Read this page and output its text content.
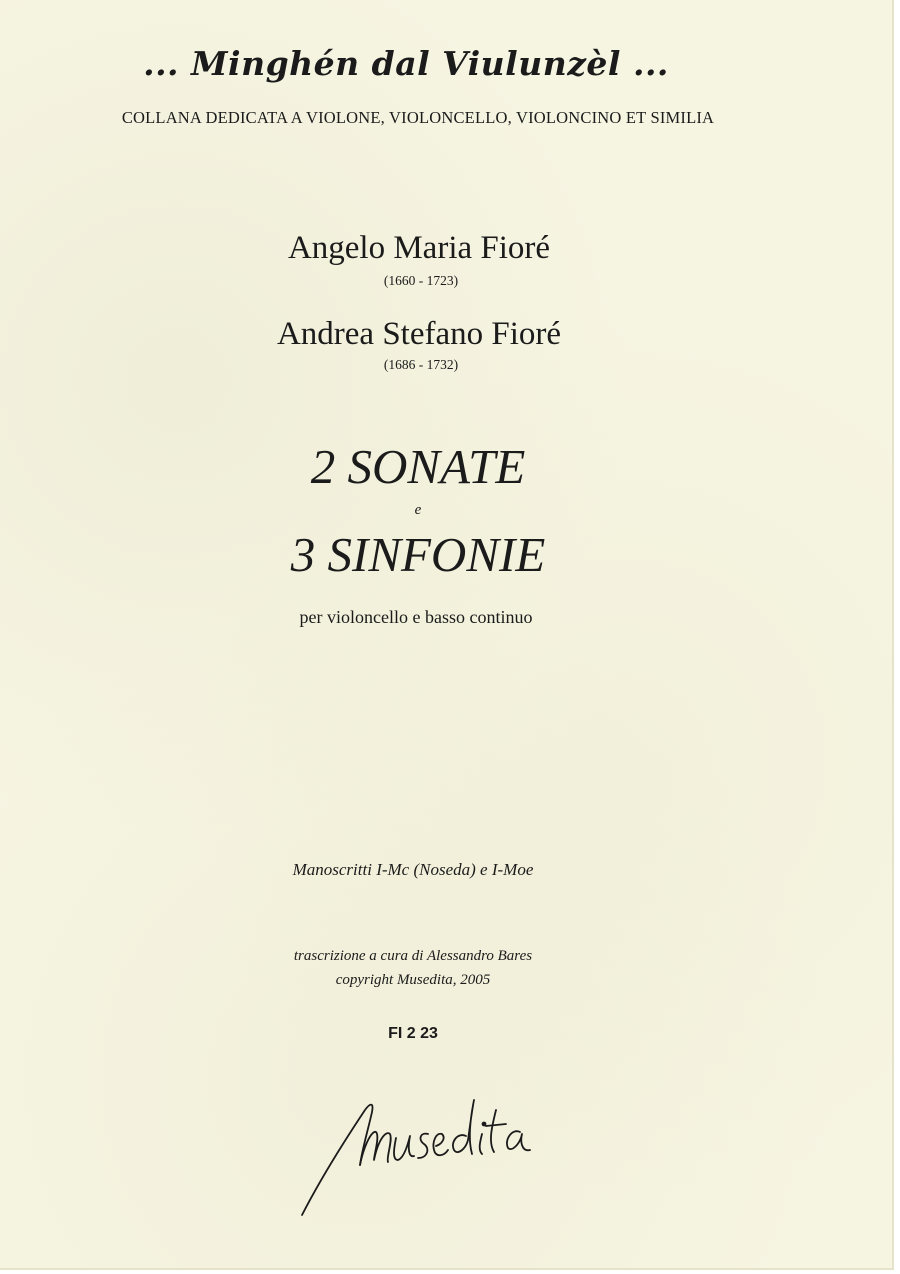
... Minghén dal Viulunzèl ...
COLLANA DEDICATA A VIOLONE, VIOLONCELLO, VIOLONCINO ET SIMILIA
Angelo Maria Fioré
(1660 - 1723)
Andrea Stefano Fioré
(1686 - 1732)
2 SONATE
e
3 SINFONIE
per violoncello e basso continuo
Manoscritti I-Mc (Noseda) e I-Moe
trascrizione a cura di Alessandro Bares
copyright Musedita, 2005
FI 2 23
